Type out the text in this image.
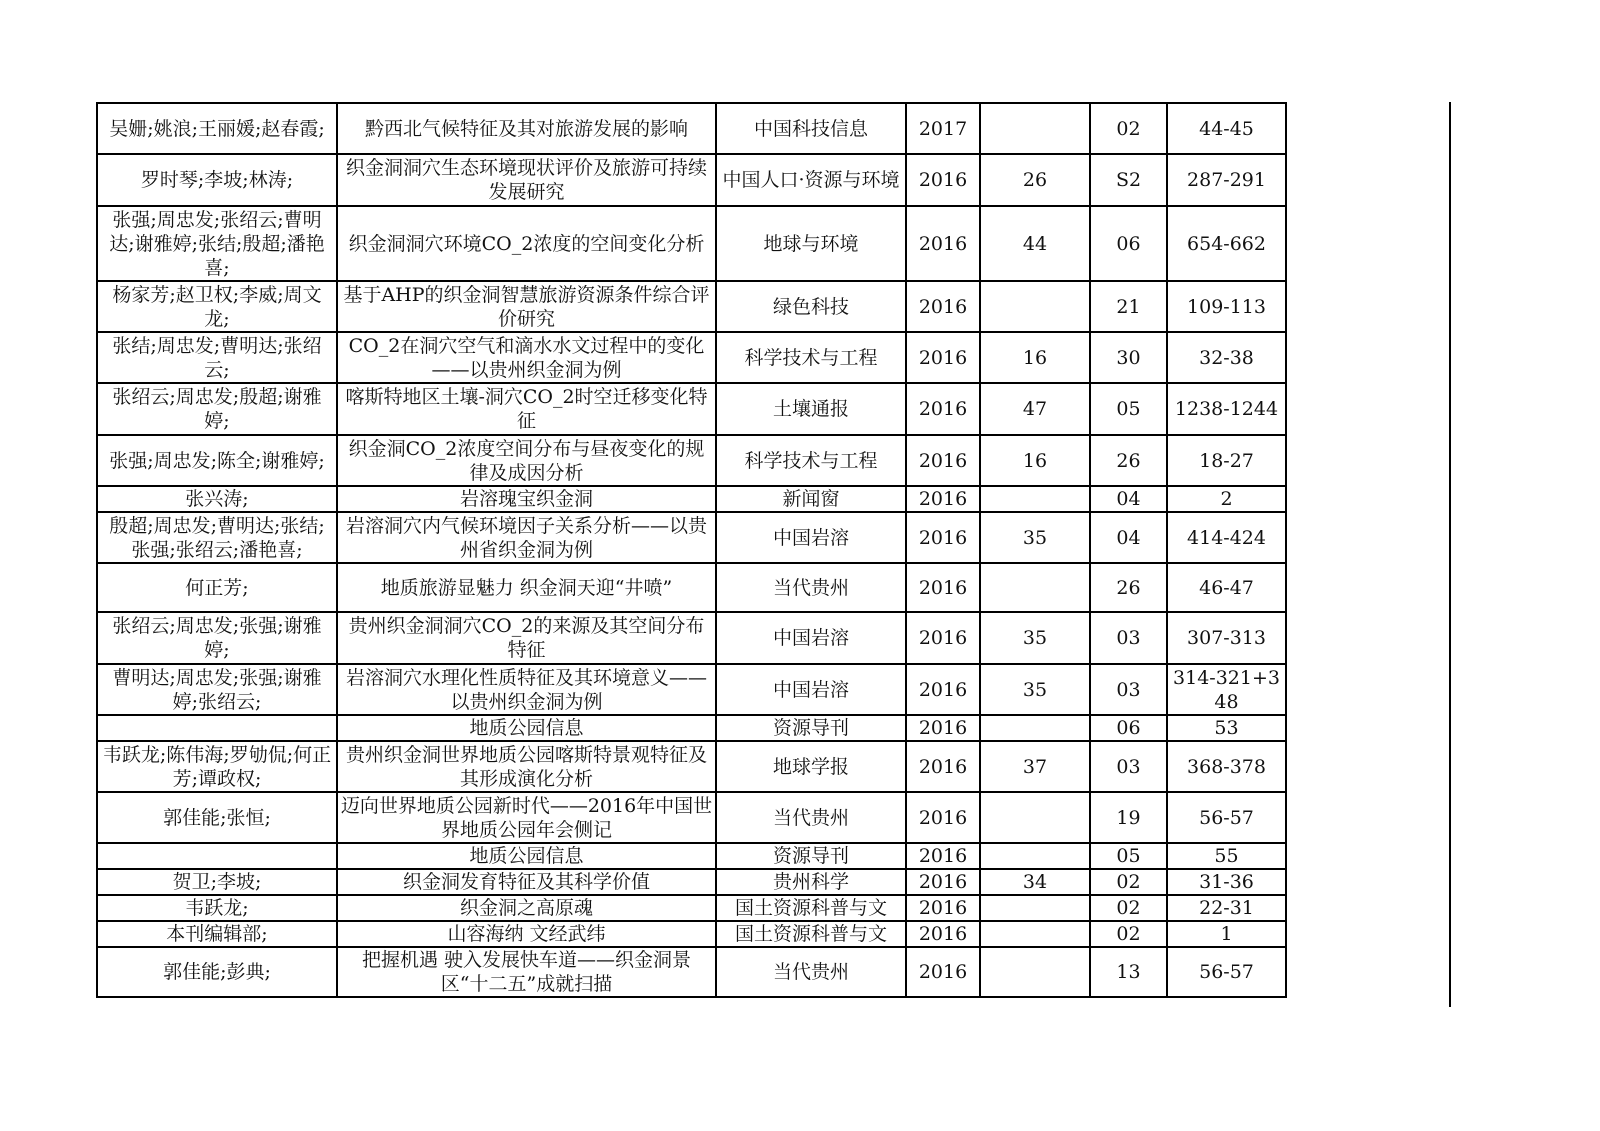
吴姗;姚浪;王丽媛;赵春霞;	黔西北气候特征及其对旅游发展的影响	中国科技信息	2017		02	44-45
罗时琴;李坡;林涛;	织金洞洞穴生态环境现状评价及旅游可持续发展研究	中国人口·资源与环境	2016	26	S2	287-291
张强;周忠发;张绍云;曹明达;谢雅婷;张结;殷超;潘艳喜;	织金洞洞穴环境CO_2浓度的空间变化分析	地球与环境	2016	44	06	654-662
杨家芳;赵卫权;李威;周文龙;	基于AHP的织金洞智慧旅游资源条件综合评价研究	绿色科技	2016		21	109-113
张结;周忠发;曹明达;张绍云;	CO_2在洞穴空气和滴水水文过程中的变化——以贵州织金洞为例	科学技术与工程	2016	16	30	32-38
张绍云;周忠发;殷超;谢雅婷;	喀斯特地区土壤-洞穴CO_2时空迁移变化特征	土壤通报	2016	47	05	1238-1244
张强;周忠发;陈全;谢雅婷;	织金洞CO_2浓度空间分布与昼夜变化的规律及成因分析	科学技术与工程	2016	16	26	18-27
张兴涛;	岩溶瑰宝织金洞	新闻窗	2016		04	2
殷超;周忠发;曹明达;张结;张强;张绍云;潘艳喜;	岩溶洞穴内气候环境因子关系分析——以贵州省织金洞为例	中国岩溶	2016	35	04	414-424
何正芳;	地质旅游显魅力 织金洞天迎“井喷”	当代贵州	2016		26	46-47
张绍云;周忠发;张强;谢雅婷;	贵州织金洞洞穴CO_2的来源及其空间分布特征	中国岩溶	2016	35	03	307-313
曹明达;周忠发;张强;谢雅婷;张绍云;	岩溶洞穴水理化性质特征及其环境意义——以贵州织金洞为例	中国岩溶	2016	35	03	314-321+348
	地质公园信息	资源导刊	2016		06	53
韦跃龙;陈伟海;罗劬侃;何正芳;谭政权;	贵州织金洞世界地质公园喀斯特景观特征及其形成演化分析	地球学报	2016	37	03	368-378
郭佳能;张恒;	迈向世界地质公园新时代——2016年中国世界地质公园年会侧记	当代贵州	2016		19	56-57
	地质公园信息	资源导刊	2016		05	55
贺卫;李坡;	织金洞发育特征及其科学价值	贵州科学	2016	34	02	31-36
韦跃龙;	织金洞之高原魂	国土资源科普与文	2016		02	22-31
本刊编辑部;	山容海纳 文经武纬	国土资源科普与文	2016		02	1
郭佳能;彭典;	把握机遇 驶入发展快车道——织金洞景区“十二五”成就扫描	当代贵州	2016		13	56-57
